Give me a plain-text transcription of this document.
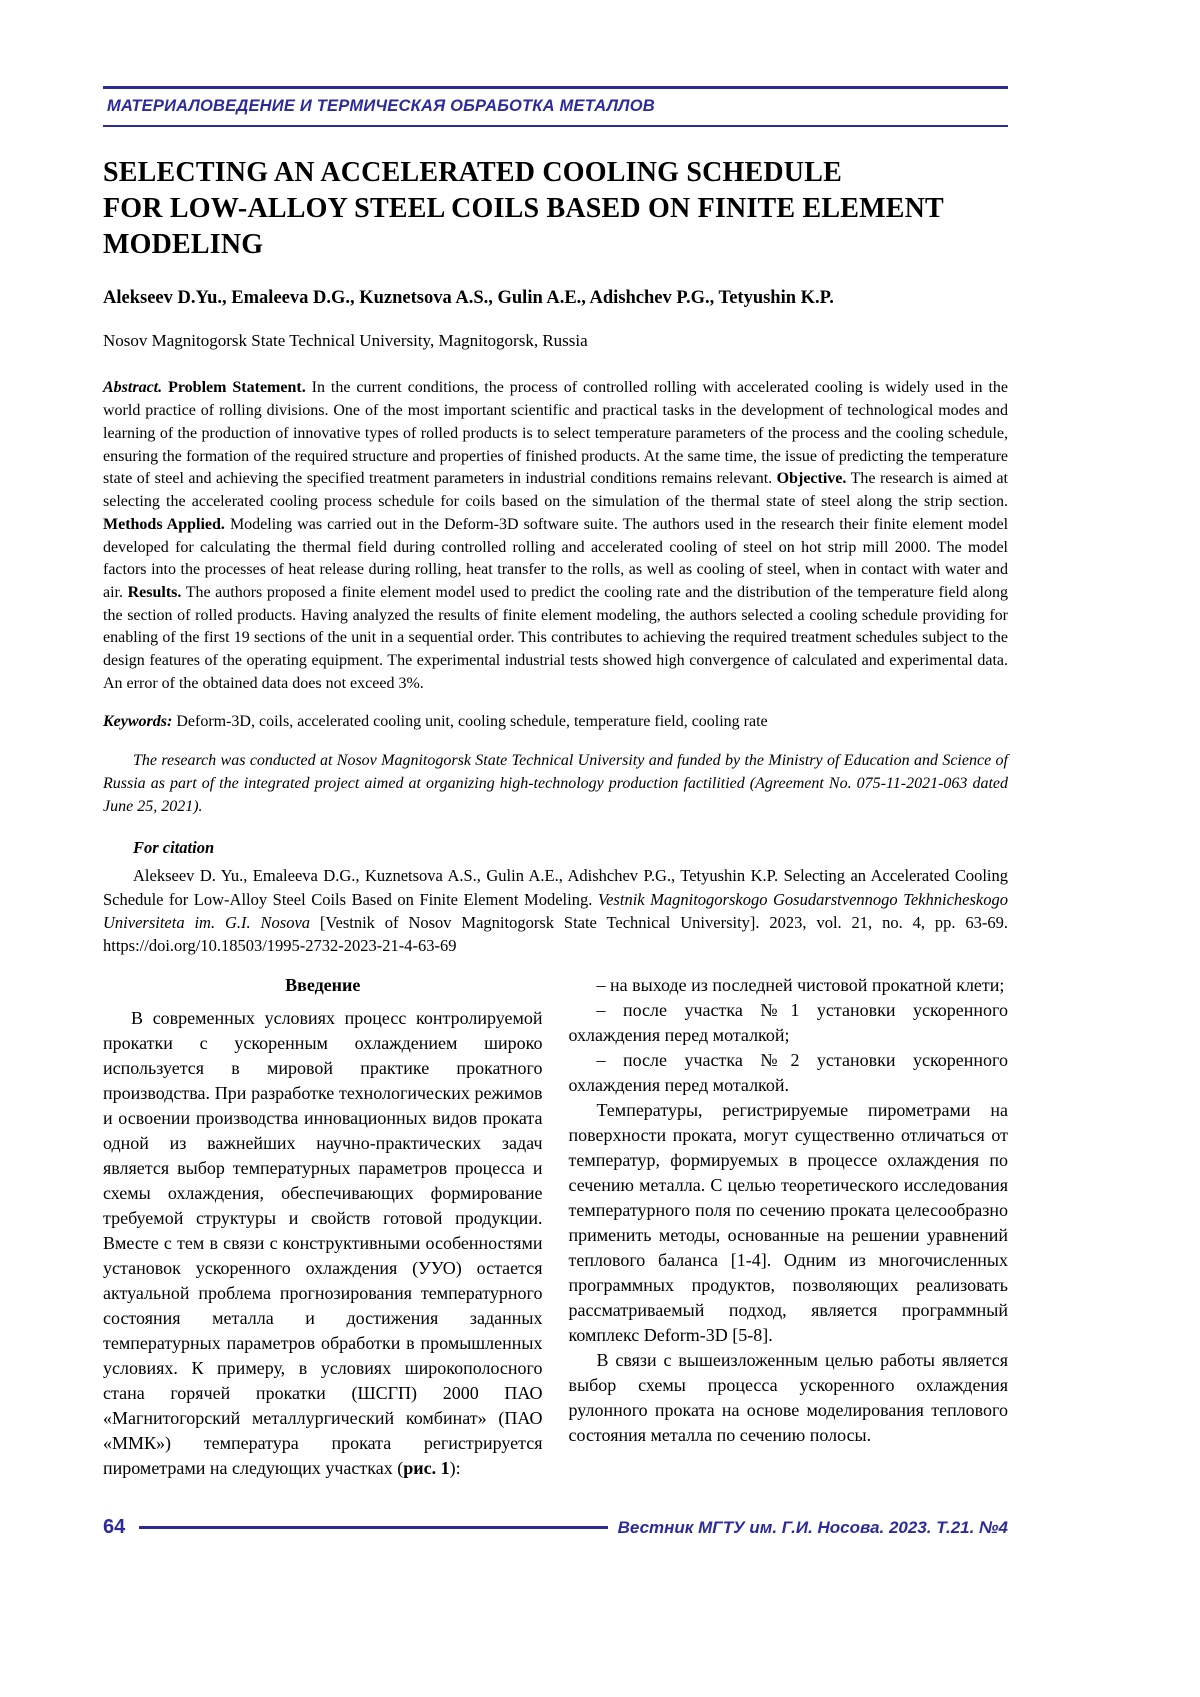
МАТЕРИАЛОВЕДЕНИЕ И ТЕРМИЧЕСКАЯ ОБРАБОТКА МЕТАЛЛОВ
SELECTING AN ACCELERATED COOLING SCHEDULE
FOR LOW-ALLOY STEEL COILS BASED ON FINITE ELEMENT
MODELING
Alekseev D.Yu., Emaleeva D.G., Kuznetsova A.S., Gulin A.E., Adishchev P.G., Tetyushin K.P.
Nosov Magnitogorsk State Technical University, Magnitogorsk, Russia

Abstract. Problem Statement. In the current conditions, the process of controlled rolling with accelerated cooling is widely used in the world practice of rolling divisions. One of the most important scientific and practical tasks in the development of technological modes and learning of the production of innovative types of rolled products is to select temperature parameters of the process and the cooling schedule, ensuring the formation of the required structure and properties of finished products. At the same time, the issue of predicting the temperature state of steel and achieving the specified treatment parameters in industrial conditions remains relevant. Objective. The research is aimed at selecting the accelerated cooling process schedule for coils based on the simulation of the thermal state of steel along the strip section. Methods Applied. Modeling was carried out in the Deform-3D software suite. The authors used in the research their finite element model developed for calculating the thermal field during controlled rolling and accelerated cooling of steel on hot strip mill 2000. The model factors into the processes of heat release during rolling, heat transfer to the rolls, as well as cooling of steel, when in contact with water and air. Results. The authors proposed a finite element model used to predict the cooling rate and the distribution of the temperature field along the section of rolled products. Having analyzed the results of finite element modeling, the authors selected a cooling schedule providing for enabling of the first 19 sections of the unit in a sequential order. This contributes to achieving the required treatment schedules subject to the design features of the operating equipment. The experimental industrial tests showed high convergence of calculated and experimental data. An error of the obtained data does not exceed 3%.

Keywords: Deform-3D, coils, accelerated cooling unit, cooling schedule, temperature field, cooling rate

The research was conducted at Nosov Magnitogorsk State Technical University and funded by the Ministry of Education and Science of Russia as part of the integrated project aimed at organizing high-technology production factilitied (Agreement No. 075-11-2021-063 dated June 25, 2021).

For citation

Alekseev D. Yu., Emaleeva D.G., Kuznetsova A.S., Gulin A.E., Adishchev P.G., Tetyushin K.P. Selecting an Accelerated Cooling Schedule for Low-Alloy Steel Coils Based on Finite Element Modeling. Vestnik Magnitogorskogo Gosudarstvennogo Tekhnicheskogo Universiteta im. G.I. Nosova [Vestnik of Nosov Magnitogorsk State Technical University]. 2023, vol. 21, no. 4, pp. 63-69. https://doi.org/10.18503/1995-2732-2023-21-4-63-69

Введение

В современных условиях процесс контролируемой прокатки с ускоренным охлаждением широко используется в мировой практике прокатного производства. При разработке технологических режимов и освоении производства инновационных видов проката одной из важнейших научно-практических задач является выбор температурных параметров процесса и схемы охлаждения, обеспечивающих формирование требуемой структуры и свойств готовой продукции. Вместе с тем в связи с конструктивными особенностями установок ускоренного охлаждения (УУО) остается актуальной проблема прогнозирования температурного состояния металла и достижения заданных температурных параметров обработки в промышленных условиях. К примеру, в условиях широкополосного стана горячей прокатки (ШСГП) 2000 ПАО «Магнитогорский металлургический комбинат» (ПАО «ММК») температура проката регистрируется пирометрами на следующих участках (рис. 1):

– на выходе из последней чистовой прокатной клети;

– после участка №1 установки ускоренного охлаждения перед моталкой;

– после участка №2 установки ускоренного охлаждения перед моталкой.

Температуры, регистрируемые пирометрами на поверхности проката, могут существенно отличаться от температур, формируемых в процессе охлаждения по сечению металла. С целью теоретического исследования температурного поля по сечению проката целесообразно применить методы, основанные на решении уравнений теплового баланса [1-4]. Одним из многочисленных программных продуктов, позволяющих реализовать рассматриваемый подход, является программный комплекс Deform-3D [5-8].

В связи с вышеизложенным целью работы является выбор схемы процесса ускоренного охлаждения рулонного проката на основе моделирования теплового состояния металла по сечению полосы.

64	Вестник МГТУ им. Г.И. Носова. 2023. Т.21. №4
